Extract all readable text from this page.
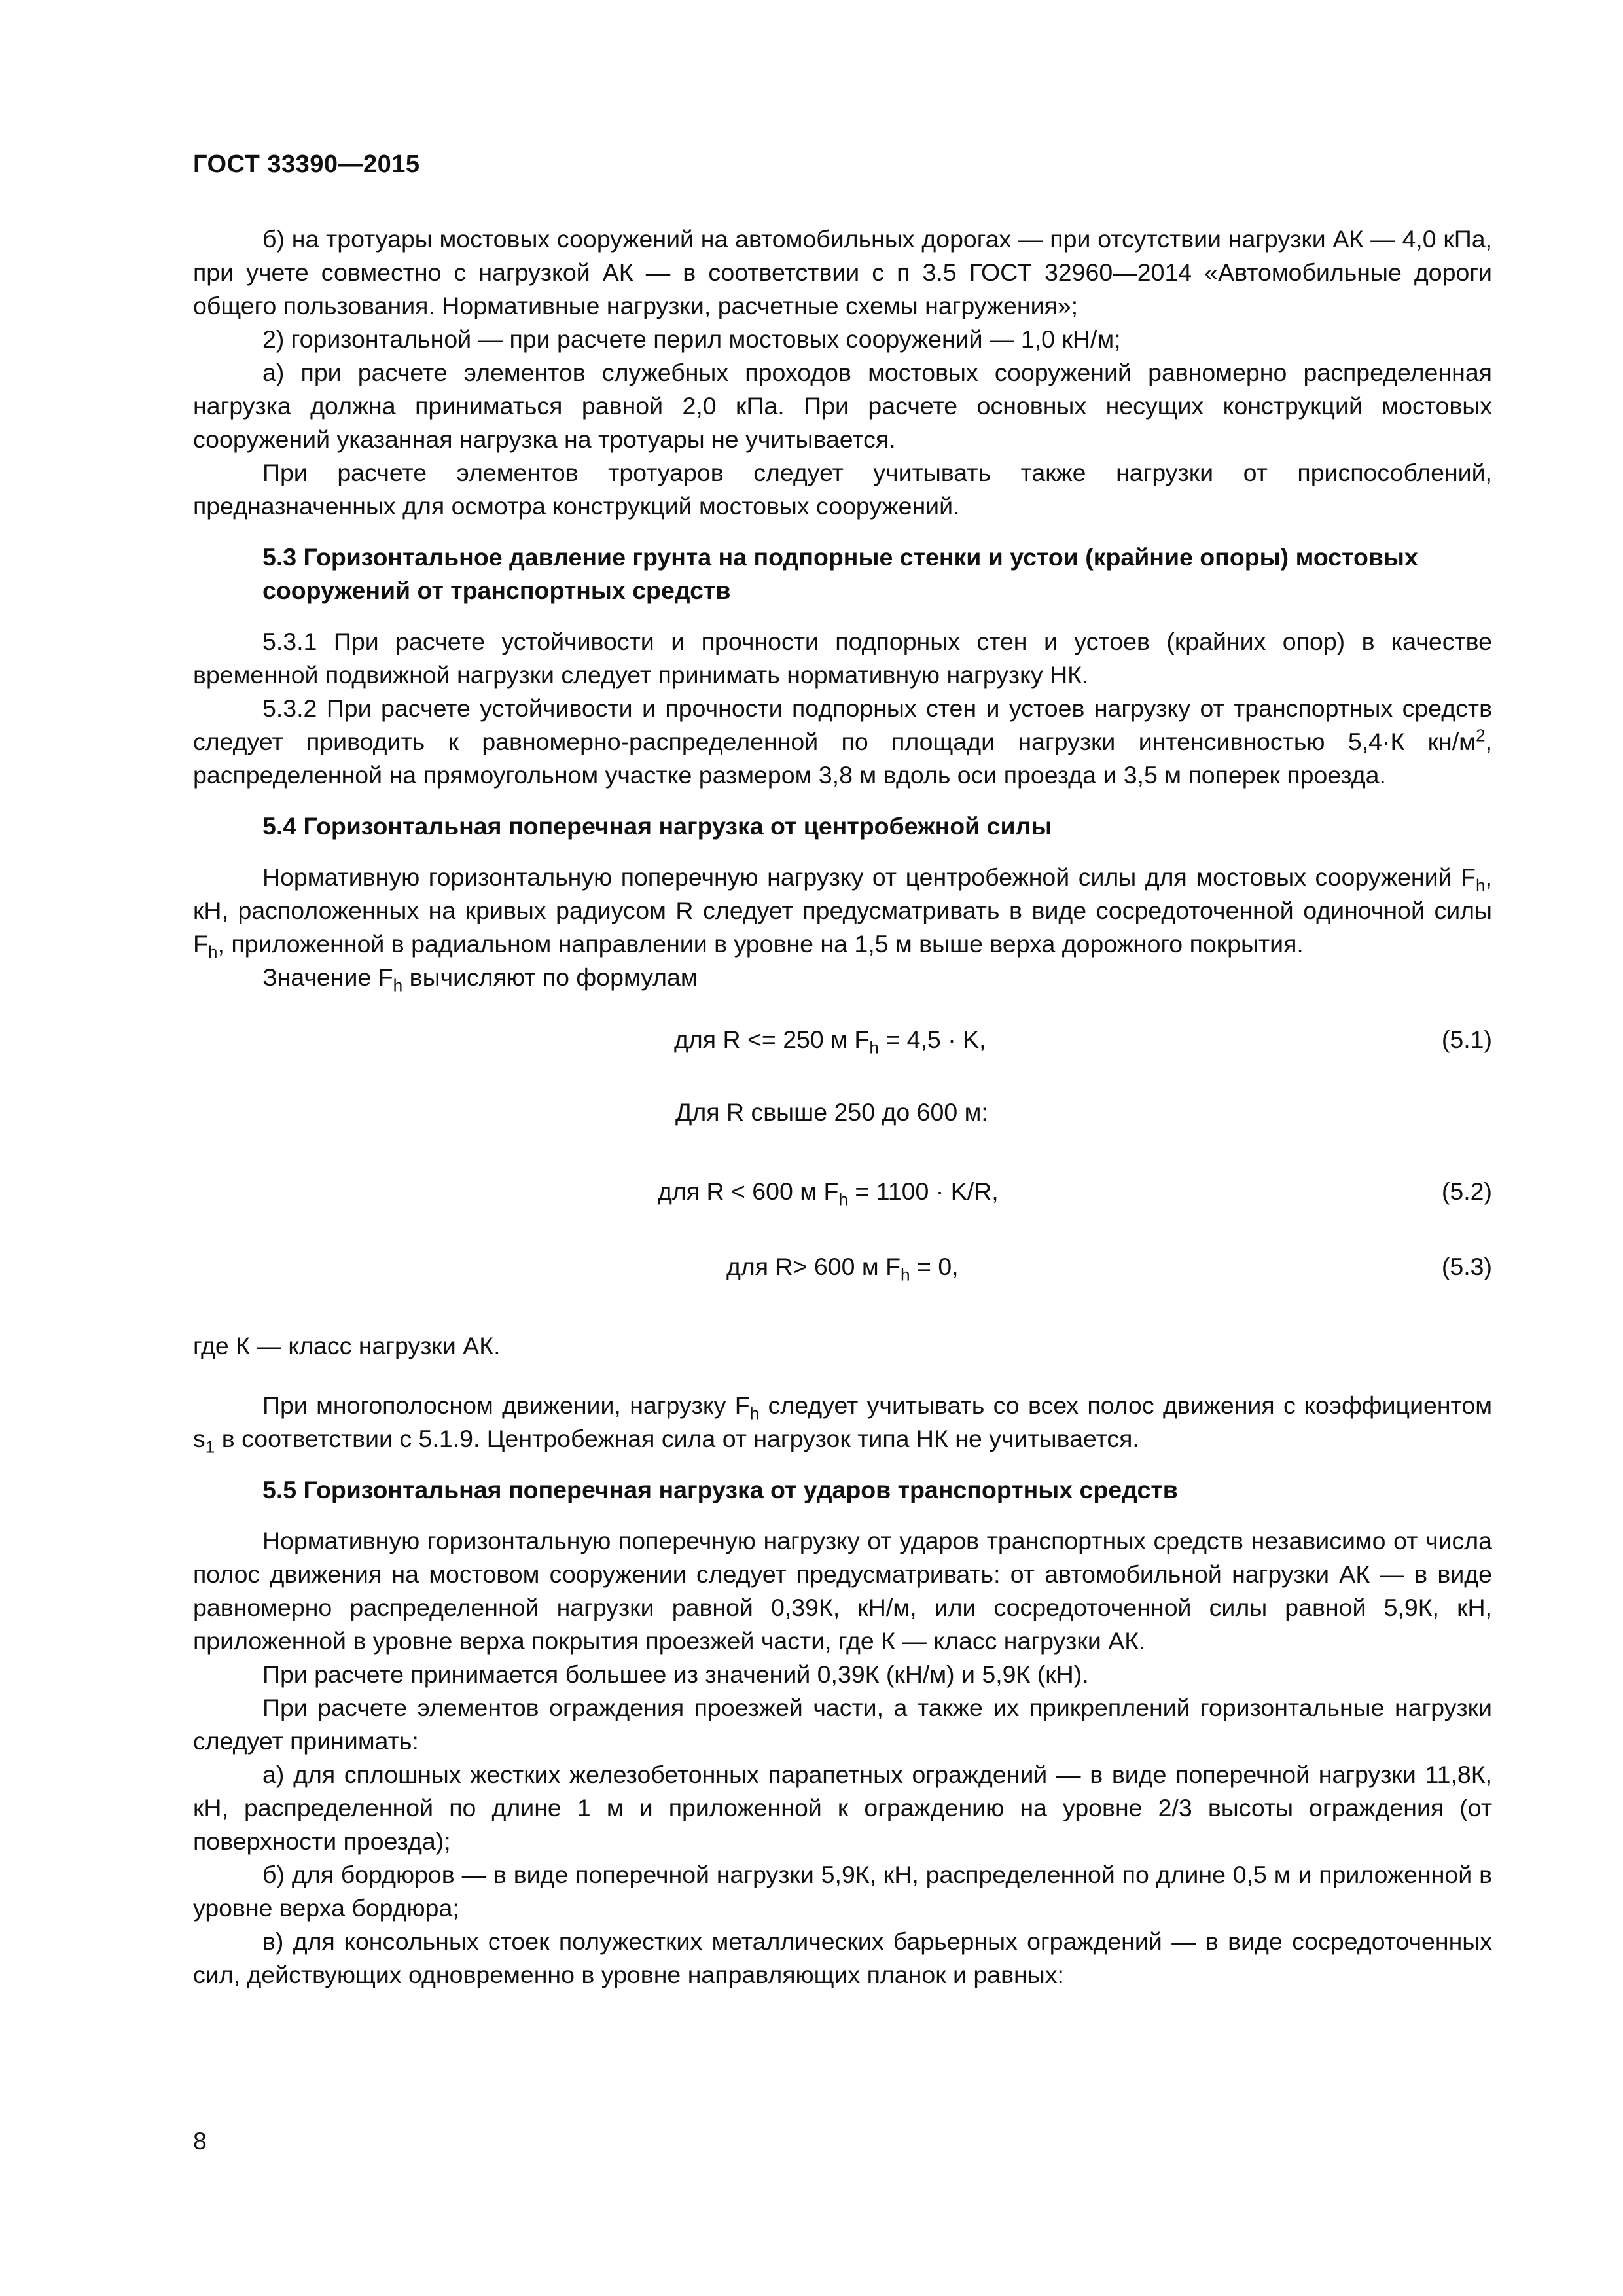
ГОСТ 33390—2015

б) на тротуары мостовых сооружений на автомобильных дорогах — при отсутствии нагрузки АК — 4,0 кПа, при учете совместно с нагрузкой АК — в соответствии с п 3.5 ГОСТ 32960—2014 «Автомобильные дороги общего пользования. Нормативные нагрузки, расчетные схемы нагружения»;

2) горизонтальной — при расчете перил мостовых сооружений — 1,0 кН/м;

а) при расчете элементов служебных проходов мостовых сооружений равномерно распределенная нагрузка должна приниматься равной 2,0 кПа. При расчете основных несущих конструкций мостовых сооружений указанная нагрузка на тротуары не учитывается.

При расчете элементов тротуаров следует учитывать также нагрузки от приспособлений, предназначенных для осмотра конструкций мостовых сооружений.

5.3 Горизонтальное давление грунта на подпорные стенки и устои (крайние опоры) мостовых сооружений от транспортных средств

5.3.1 При расчете устойчивости и прочности подпорных стен и устоев (крайних опор) в качестве временной подвижной нагрузки следует принимать нормативную нагрузку НК.

5.3.2 При расчете устойчивости и прочности подпорных стен и устоев нагрузку от транспортных средств следует приводить к равномерно-распределенной по площади нагрузки интенсивностью 5,4·К $кн/м^2$, распределенной на прямоугольном участке размером 3,8 м вдоль оси проезда и 3,5 м поперек проезда.

5.4 Горизонтальная поперечная нагрузка от центробежной силы

Нормативную горизонтальную поперечную нагрузку от центробежной силы для мостовых сооружений $F_h$, кН, расположенных на кривых радиусом R следует предусматривать в виде сосредоточенной одиночной силы $F_h$, приложенной в радиальном направлении в уровне на 1,5 м выше верха дорожного покрытия.

Значение $F_h$ вычисляют по формулам

для R <= 250 м $F_h = 4,5 \cdot K$,	(5.1)
Для R свыше 250 до 600 м:
для R < 600 м $F_h = 1100 \cdot K/R$,	(5.2)
для R> 600 м $F_h = 0$,	(5.3)

где К — класс нагрузки АК.

При многополосном движении, нагрузку $F_h$ следует учитывать со всех полос движения с коэффициентом $s_1$ в соответствии с 5.1.9. Центробежная сила от нагрузок типа НК не учитывается.

5.5 Горизонтальная поперечная нагрузка от ударов транспортных средств

Нормативную горизонтальную поперечную нагрузку от ударов транспортных средств независимо от числа полос движения на мостовом сооружении следует предусматривать: от автомобильной нагрузки АК — в виде равномерно распределенной нагрузки равной 0,39К, кН/м, или сосредоточенной силы равной 5,9К, кН, приложенной в уровне верха покрытия проезжей части, где К — класс нагрузки АК.

При расчете принимается большее из значений 0,39К (кН/м) и 5,9К (кН).

При расчете элементов ограждения проезжей части, а также их прикреплений горизонтальные нагрузки следует принимать:

а) для сплошных жестких железобетонных парапетных ограждений — в виде поперечной нагрузки 11,8К, кН, распределенной по длине 1 м и приложенной к ограждению на уровне 2/3 высоты ограждения (от поверхности проезда);

б) для бордюров — в виде поперечной нагрузки 5,9К, кН, распределенной по длине 0,5 м и приложенной в уровне верха бордюра;

в) для консольных стоек полужестких металлических барьерных ограждений — в виде сосредоточенных сил, действующих одновременно в уровне направляющих планок и равных:

8
